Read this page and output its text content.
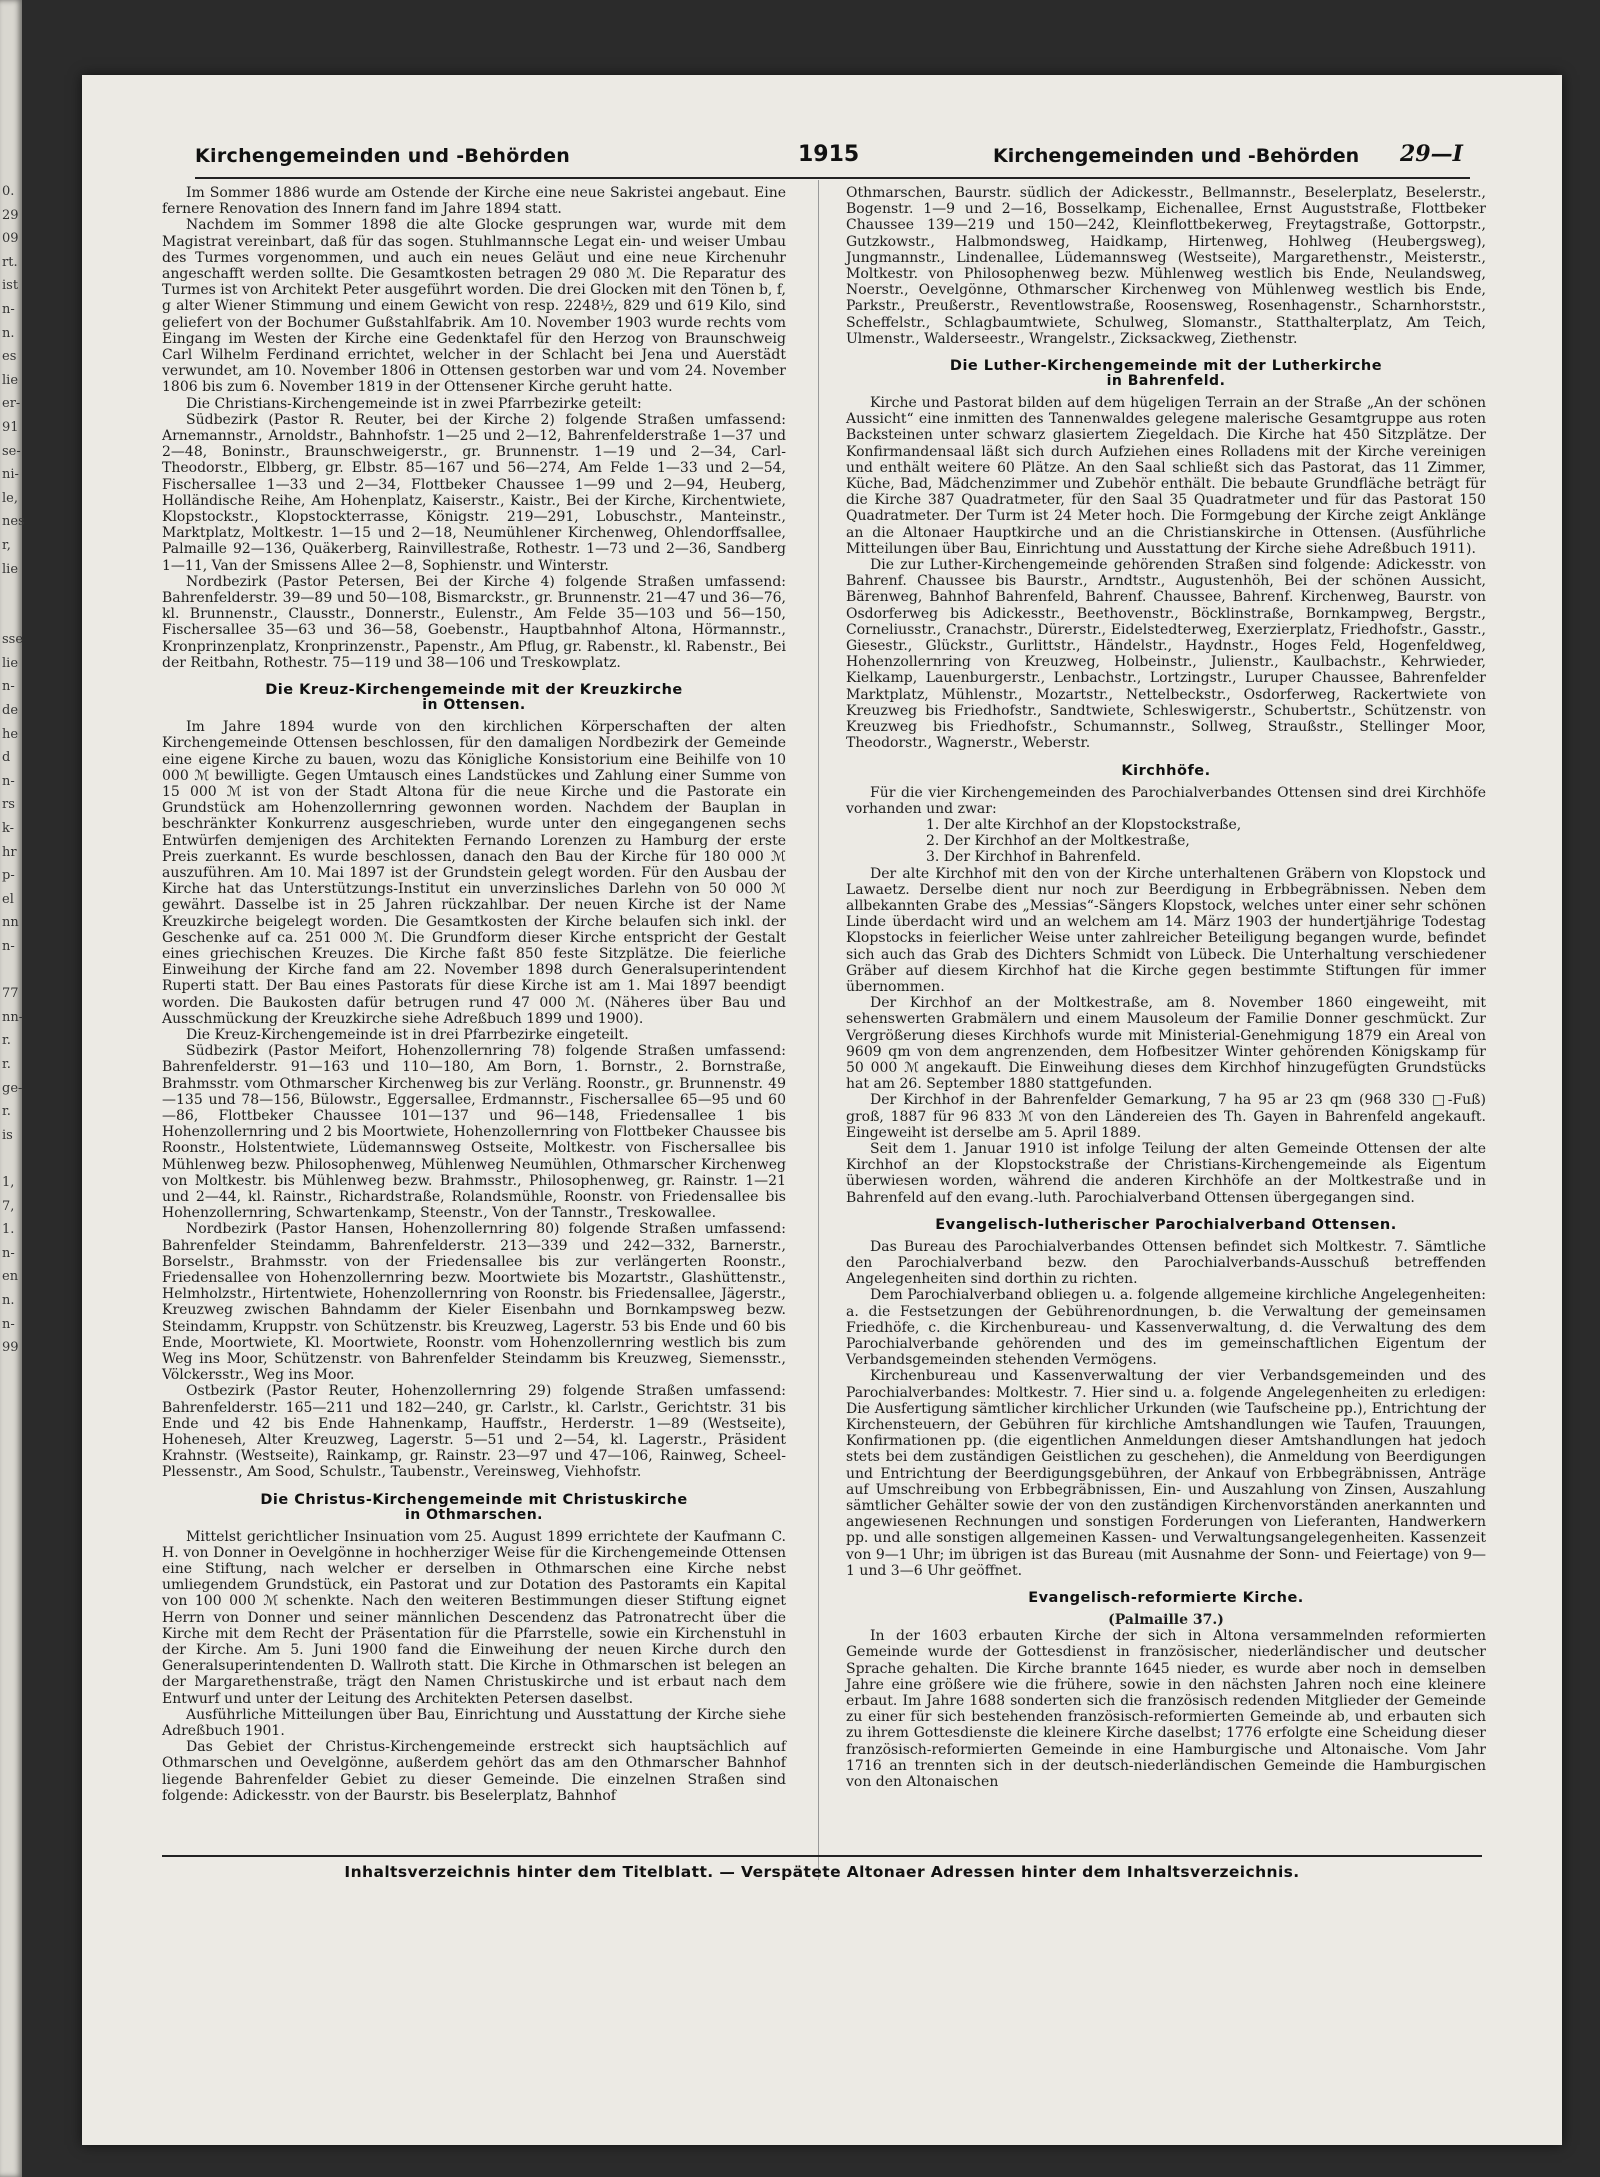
0.
29
09
rt.
ist
n-
n.
es
lie
er-
91
se-
ni-
le,
nes
r,
lie

sse
lie
n-
de
he
d
n-
rs
k-
hr
p-
el
nn
n-

77
nn-
r.
r.
ge-
r.
is

1,
7,
1.
n-
en
n.
n-
99
Kirchengemeinden und -Behörden	1915	Kirchengemeinden und -Behörden 29—I

Im Sommer 1886 wurde am Ostende der Kirche eine neue Sakristei angebaut. Eine fernere Renovation des Innern fand im Jahre 1894 statt.

Nachdem im Sommer 1898 die alte Glocke gesprungen war, wurde mit dem Magistrat vereinbart, daß für das sogen. Stuhlmannsche Legat ein- und weiser Umbau des Turmes vorgenommen, und auch ein neues Geläut und eine neue Kirchenuhr angeschafft werden sollte. Die Gesamtkosten betragen 29 080 ℳ. Die Reparatur des Turmes ist von Architekt Peter ausgeführt worden. Die drei Glocken mit den Tönen b, f, g alter Wiener Stimmung und einem Gewicht von resp. 2248½, 829 und 619 Kilo, sind geliefert von der Bochumer Gußstahlfabrik. Am 10. November 1903 wurde rechts vom Eingang im Westen der Kirche eine Gedenktafel für den Herzog von Braunschweig Carl Wilhelm Ferdinand errichtet, welcher in der Schlacht bei Jena und Auerstädt verwundet, am 10. November 1806 in Ottensen gestorben war und vom 24. November 1806 bis zum 6. November 1819 in der Ottensener Kirche geruht hatte.

Die Christians-Kirchengemeinde ist in zwei Pfarrbezirke geteilt:

Südbezirk (Pastor R. Reuter, bei der Kirche 2) folgende Straßen umfassend: Arnemannstr., Arnoldstr., Bahnhofstr. 1—25 und 2—12, Bahrenfelderstraße 1—37 und 2—48, Boninstr., Braunschweigerstr., gr. Brunnenstr. 1—19 und 2—34, Carl-Theodorstr., Elbberg, gr. Elbstr. 85—167 und 56—274, Am Felde 1—33 und 2—54, Fischersallee 1—33 und 2—34, Flottbeker Chaussee 1—99 und 2—94, Heuberg, Holländische Reihe, Am Hohenplatz, Kaiserstr., Kaistr., Bei der Kirche, Kirchentwiete, Klopstockstr., Klopstockterrasse, Königstr. 219—291, Lobuschstr., Manteinstr., Marktplatz, Moltkestr. 1—15 und 2—18, Neumühlener Kirchenweg, Ohlendorffsallee, Palmaille 92—136, Quäkerberg, Rainvillestraße, Rothestr. 1—73 und 2—36, Sandberg 1—11, Van der Smissens Allee 2—8, Sophienstr. und Winterstr.

Nordbezirk (Pastor Petersen, Bei der Kirche 4) folgende Straßen umfassend: Bahrenfelderstr. 39—89 und 50—108, Bismarckstr., gr. Brunnenstr. 21—47 und 36—76, kl. Brunnenstr., Clausstr., Donnerstr., Eulenstr., Am Felde 35—103 und 56—150, Fischersallee 35—63 und 36—58, Goebenstr., Hauptbahnhof Altona, Hörmannstr., Kronprinzenplatz, Kronprinzenstr., Papenstr., Am Pflug, gr. Rabenstr., kl. Rabenstr., Bei der Reitbahn, Rothestr. 75—119 und 38—106 und Treskowplatz.

Die Kreuz-Kirchengemeinde mit der Kreuzkirche
in Ottensen.

Im Jahre 1894 wurde von den kirchlichen Körperschaften der alten Kirchengemeinde Ottensen beschlossen, für den damaligen Nordbezirk der Gemeinde eine eigene Kirche zu bauen, wozu das Königliche Konsistorium eine Beihilfe von 10 000 ℳ bewilligte. Gegen Umtausch eines Landstückes und Zahlung einer Summe von 15 000 ℳ ist von der Stadt Altona für die neue Kirche und die Pastorate ein Grundstück am Hohenzollernring gewonnen worden. Nachdem der Bauplan in beschränkter Konkurrenz ausgeschrieben, wurde unter den eingegangenen sechs Entwürfen demjenigen des Architekten Fernando Lorenzen zu Hamburg der erste Preis zuerkannt. Es wurde beschlossen, danach den Bau der Kirche für 180 000 ℳ auszuführen. Am 10. Mai 1897 ist der Grundstein gelegt worden. Für den Ausbau der Kirche hat das Unterstützungs-Institut ein unverzinsliches Darlehn von 50 000 ℳ gewährt. Dasselbe ist in 25 Jahren rückzahlbar. Der neuen Kirche ist der Name Kreuzkirche beigelegt worden. Die Gesamtkosten der Kirche belaufen sich inkl. der Geschenke auf ca. 251 000 ℳ. Die Grundform dieser Kirche entspricht der Gestalt eines griechischen Kreuzes. Die Kirche faßt 850 feste Sitzplätze. Die feierliche Einweihung der Kirche fand am 22. November 1898 durch Generalsuperintendent Ruperti statt. Der Bau eines Pastorats für diese Kirche ist am 1. Mai 1897 beendigt worden. Die Baukosten dafür betrugen rund 47 000 ℳ. (Näheres über Bau und Ausschmückung der Kreuzkirche siehe Adreßbuch 1899 und 1900).

Die Kreuz-Kirchengemeinde ist in drei Pfarrbezirke eingeteilt.

Südbezirk (Pastor Meifort, Hohenzollernring 78) folgende Straßen umfassend: Bahrenfelderstr. 91—163 und 110—180, Am Born, 1. Bornstr., 2. Bornstraße, Brahmsstr. vom Othmarscher Kirchenweg bis zur Verläng. Roonstr., gr. Brunnenstr. 49—135 und 78—156, Bülowstr., Eggersallee, Erdmannstr., Fischersallee 65—95 und 60—86, Flottbeker Chaussee 101—137 und 96—148, Friedensallee 1 bis Hohenzollernring und 2 bis Moortwiete, Hohenzollernring von Flottbeker Chaussee bis Roonstr., Holstentwiete, Lüdemannsweg Ostseite, Moltkestr. von Fischersallee bis Mühlenweg bezw. Philosophenweg, Mühlenweg Neumühlen, Othmarscher Kirchenweg von Moltkestr. bis Mühlenweg bezw. Brahmsstr., Philosophenweg, gr. Rainstr. 1—21 und 2—44, kl. Rainstr., Richardstraße, Rolandsmühle, Roonstr. von Friedensallee bis Hohenzollernring, Schwartenkamp, Steenstr., Von der Tannstr., Treskowallee.

Nordbezirk (Pastor Hansen, Hohenzollernring 80) folgende Straßen umfassend: Bahrenfelder Steindamm, Bahrenfelderstr. 213—339 und 242—332, Barnerstr., Borselstr., Brahmsstr. von der Friedensallee bis zur verlängerten Roonstr., Friedensallee von Hohenzollernring bezw. Moortwiete bis Mozartstr., Glashüttenstr., Helmholzstr., Hirtentwiete, Hohenzollernring von Roonstr. bis Friedensallee, Jägerstr., Kreuzweg zwischen Bahndamm der Kieler Eisenbahn und Bornkampsweg bezw. Steindamm, Kruppstr. von Schützenstr. bis Kreuzweg, Lagerstr. 53 bis Ende und 60 bis Ende, Moortwiete, Kl. Moortwiete, Roonstr. vom Hohenzollernring westlich bis zum Weg ins Moor, Schützenstr. von Bahrenfelder Steindamm bis Kreuzweg, Siemensstr., Völckersstr., Weg ins Moor.

Ostbezirk (Pastor Reuter, Hohenzollernring 29) folgende Straßen umfassend: Bahrenfelderstr. 165—211 und 182—240, gr. Carlstr., kl. Carlstr., Gerichtstr. 31 bis Ende und 42 bis Ende Hahnenkamp, Hauffstr., Herderstr. 1—89 (Westseite), Hoheneseh, Alter Kreuzweg, Lagerstr. 5—51 und 2—54, kl. Lagerstr., Präsident Krahnstr. (Westseite), Rainkamp, gr. Rainstr. 23—97 und 47—106, Rainweg, Scheel-Plessenstr., Am Sood, Schulstr., Taubenstr., Vereinsweg, Viehhofstr.

Die Christus-Kirchengemeinde mit Christuskirche
in Othmarschen.

Mittelst gerichtlicher Insinuation vom 25. August 1899 errichtete der Kaufmann C. H. von Donner in Oevelgönne in hochherziger Weise für die Kirchengemeinde Ottensen eine Stiftung, nach welcher er derselben in Othmarschen eine Kirche nebst umliegendem Grundstück, ein Pastorat und zur Dotation des Pastoramts ein Kapital von 100 000 ℳ schenkte. Nach den weiteren Bestimmungen dieser Stiftung eignet Herrn von Donner und seiner männlichen Descendenz das Patronatrecht über die Kirche mit dem Recht der Präsentation für die Pfarrstelle, sowie ein Kirchenstuhl in der Kirche. Am 5. Juni 1900 fand die Einweihung der neuen Kirche durch den Generalsuperintendenten D. Wallroth statt. Die Kirche in Othmarschen ist belegen an der Margarethenstraße, trägt den Namen Christuskirche und ist erbaut nach dem Entwurf und unter der Leitung des Architekten Petersen daselbst.

Ausführliche Mitteilungen über Bau, Einrichtung und Ausstattung der Kirche siehe Adreßbuch 1901.

Das Gebiet der Christus-Kirchengemeinde erstreckt sich hauptsächlich auf Othmarschen und Oevelgönne, außerdem gehört das am den Othmarscher Bahnhof liegende Bahrenfelder Gebiet zu dieser Gemeinde. Die einzelnen Straßen sind folgende: Adickesstr. von der Baurstr. bis Beselerplatz, Bahnhof

Othmarschen, Baurstr. südlich der Adickesstr., Bellmannstr., Beselerplatz, Beselerstr., Bogenstr. 1—9 und 2—16, Bosselkamp, Eichenallee, Ernst Auguststraße, Flottbeker Chaussee 139—219 und 150—242, Kleinflottbekerweg, Freytagstraße, Gottorpstr., Gutzkowstr., Halbmondsweg, Haidkamp, Hirtenweg, Hohlweg (Heubergsweg), Jungmannstr., Lindenallee, Lüdemannsweg (Westseite), Margarethenstr., Meisterstr., Moltkestr. von Philosophenweg bezw. Mühlenweg westlich bis Ende, Neulandsweg, Noerstr., Oevelgönne, Othmarscher Kirchenweg von Mühlenweg westlich bis Ende, Parkstr., Preußerstr., Reventlowstraße, Roosensweg, Rosenhagenstr., Scharnhorststr., Scheffelstr., Schlagbaumtwiete, Schulweg, Slomanstr., Statthalterplatz, Am Teich, Ulmenstr., Walderseestr., Wrangelstr., Zicksackweg, Ziethenstr.

Die Luther-Kirchengemeinde mit der Lutherkirche
in Bahrenfeld.

Kirche und Pastorat bilden auf dem hügeligen Terrain an der Straße „An der schönen Aussicht“ eine inmitten des Tannenwaldes gelegene malerische Gesamtgruppe aus roten Backsteinen unter schwarz glasiertem Ziegeldach. Die Kirche hat 450 Sitzplätze. Der Konfirmandensaal läßt sich durch Aufziehen eines Rolladens mit der Kirche vereinigen und enthält weitere 60 Plätze. An den Saal schließt sich das Pastorat, das 11 Zimmer, Küche, Bad, Mädchenzimmer und Zubehör enthält. Die bebaute Grundfläche beträgt für die Kirche 387 Quadratmeter, für den Saal 35 Quadratmeter und für das Pastorat 150 Quadratmeter. Der Turm ist 24 Meter hoch. Die Formgebung der Kirche zeigt Anklänge an die Altonaer Hauptkirche und an die Christianskirche in Ottensen. (Ausführliche Mitteilungen über Bau, Einrichtung und Ausstattung der Kirche siehe Adreßbuch 1911).

Die zur Luther-Kirchengemeinde gehörenden Straßen sind folgende: Adickesstr. von Bahrenf. Chaussee bis Baurstr., Arndtstr., Augustenhöh, Bei der schönen Aussicht, Bärenweg, Bahnhof Bahrenfeld, Bahrenf. Chaussee, Bahrenf. Kirchenweg, Baurstr. von Osdorferweg bis Adickesstr., Beethovenstr., Böcklinstraße, Bornkampweg, Bergstr., Corneliusstr., Cranachstr., Dürerstr., Eidelstedterweg, Exerzierplatz, Friedhofstr., Gasstr., Giesestr., Glückstr., Gurlittstr., Händelstr., Haydnstr., Hoges Feld, Hogenfeldweg, Hohenzollernring von Kreuzweg, Holbeinstr., Julienstr., Kaulbachstr., Kehrwieder, Kielkamp, Lauenburgerstr., Lenbachstr., Lortzingstr., Luruper Chaussee, Bahrenfelder Marktplatz, Mühlenstr., Mozartstr., Nettelbeckstr., Osdorferweg, Rackertwiete von Kreuzweg bis Friedhofstr., Sandtwiete, Schleswigerstr., Schubertstr., Schützenstr. von Kreuzweg bis Friedhofstr., Schumannstr., Sollweg, Straußstr., Stellinger Moor, Theodorstr., Wagnerstr., Weberstr.

Kirchhöfe.

Für die vier Kirchengemeinden des Parochialverbandes Ottensen sind drei Kirchhöfe vorhanden und zwar:

1. Der alte Kirchhof an der Klopstockstraße,

2. Der Kirchhof an der Moltkestraße,

3. Der Kirchhof in Bahrenfeld.

Der alte Kirchhof mit den von der Kirche unterhaltenen Gräbern von Klopstock und Lawaetz. Derselbe dient nur noch zur Beerdigung in Erbbegräbnissen. Neben dem allbekannten Grabe des „Messias“-Sängers Klopstock, welches unter einer sehr schönen Linde überdacht wird und an welchem am 14. März 1903 der hundertjährige Todestag Klopstocks in feierlicher Weise unter zahlreicher Beteiligung begangen wurde, befindet sich auch das Grab des Dichters Schmidt von Lübeck. Die Unterhaltung verschiedener Gräber auf diesem Kirchhof hat die Kirche gegen bestimmte Stiftungen für immer übernommen.

Der Kirchhof an der Moltkestraße, am 8. November 1860 eingeweiht, mit sehenswerten Grabmälern und einem Mausoleum der Familie Donner geschmückt. Zur Vergrößerung dieses Kirchhofs wurde mit Ministerial-Genehmigung 1879 ein Areal von 9609 qm von dem angrenzenden, dem Hofbesitzer Winter gehörenden Königskamp für 50 000 ℳ angekauft. Die Einweihung dieses dem Kirchhof hinzugefügten Grundstücks hat am 26. September 1880 stattgefunden.

Der Kirchhof in der Bahrenfelder Gemarkung, 7 ha 95 ar 23 qm (968 330 □-Fuß) groß, 1887 für 96 833 ℳ von den Ländereien des Th. Gayen in Bahrenfeld angekauft. Eingeweiht ist derselbe am 5. April 1889.

Seit dem 1. Januar 1910 ist infolge Teilung der alten Gemeinde Ottensen der alte Kirchhof an der Klopstockstraße der Christians-Kirchengemeinde als Eigentum überwiesen worden, während die anderen Kirchhöfe an der Moltkestraße und in Bahrenfeld auf den evang.-luth. Parochialverband Ottensen übergegangen sind.

Evangelisch-lutherischer Parochialverband Ottensen.

Das Bureau des Parochialverbandes Ottensen befindet sich Moltkestr. 7. Sämtliche den Parochialverband bezw. den Parochialverbands-Ausschuß betreffenden Angelegenheiten sind dorthin zu richten.

Dem Parochialverband obliegen u. a. folgende allgemeine kirchliche Angelegenheiten: a. die Festsetzungen der Gebührenordnungen, b. die Verwaltung der gemeinsamen Friedhöfe, c. die Kirchenbureau- und Kassenverwaltung, d. die Verwaltung des dem Parochialverbande gehörenden und des im gemeinschaftlichen Eigentum der Verbandsgemeinden stehenden Vermögens.

Kirchenbureau und Kassenverwaltung der vier Verbandsgemeinden und des Parochialverbandes: Moltkestr. 7. Hier sind u. a. folgende Angelegenheiten zu erledigen: Die Ausfertigung sämtlicher kirchlicher Urkunden (wie Taufscheine pp.), Entrichtung der Kirchensteuern, der Gebühren für kirchliche Amtshandlungen wie Taufen, Trauungen, Konfirmationen pp. (die eigentlichen Anmeldungen dieser Amtshandlungen hat jedoch stets bei dem zuständigen Geistlichen zu geschehen), die Anmeldung von Beerdigungen und Entrichtung der Beerdigungsgebühren, der Ankauf von Erbbegräbnissen, Anträge auf Umschreibung von Erbbegräbnissen, Ein- und Auszahlung von Zinsen, Auszahlung sämtlicher Gehälter sowie der von den zuständigen Kirchenvorständen anerkannten und angewiesenen Rechnungen und sonstigen Forderungen von Lieferanten, Handwerkern pp. und alle sonstigen allgemeinen Kassen- und Verwaltungsangelegenheiten. Kassenzeit von 9—1 Uhr; im übrigen ist das Bureau (mit Ausnahme der Sonn- und Feiertage) von 9—1 und 3—6 Uhr geöffnet.

Evangelisch-reformierte Kirche.

(Palmaille 37.)

In der 1603 erbauten Kirche der sich in Altona versammelnden reformierten Gemeinde wurde der Gottesdienst in französischer, niederländischer und deutscher Sprache gehalten. Die Kirche brannte 1645 nieder, es wurde aber noch in demselben Jahre eine größere wie die frühere, sowie in den nächsten Jahren noch eine kleinere erbaut. Im Jahre 1688 sonderten sich die französisch redenden Mitglieder der Gemeinde zu einer für sich bestehenden französisch-reformierten Gemeinde ab, und erbauten sich zu ihrem Gottesdienste die kleinere Kirche daselbst; 1776 erfolgte eine Scheidung dieser französisch-reformierten Gemeinde in eine Hamburgische und Altonaische. Vom Jahr 1716 an trennten sich in der deutsch-niederländischen Gemeinde die Hamburgischen von den Altonaischen

Inhaltsverzeichnis hinter dem Titelblatt. — Verspätete Altonaer Adressen hinter dem Inhaltsverzeichnis.
